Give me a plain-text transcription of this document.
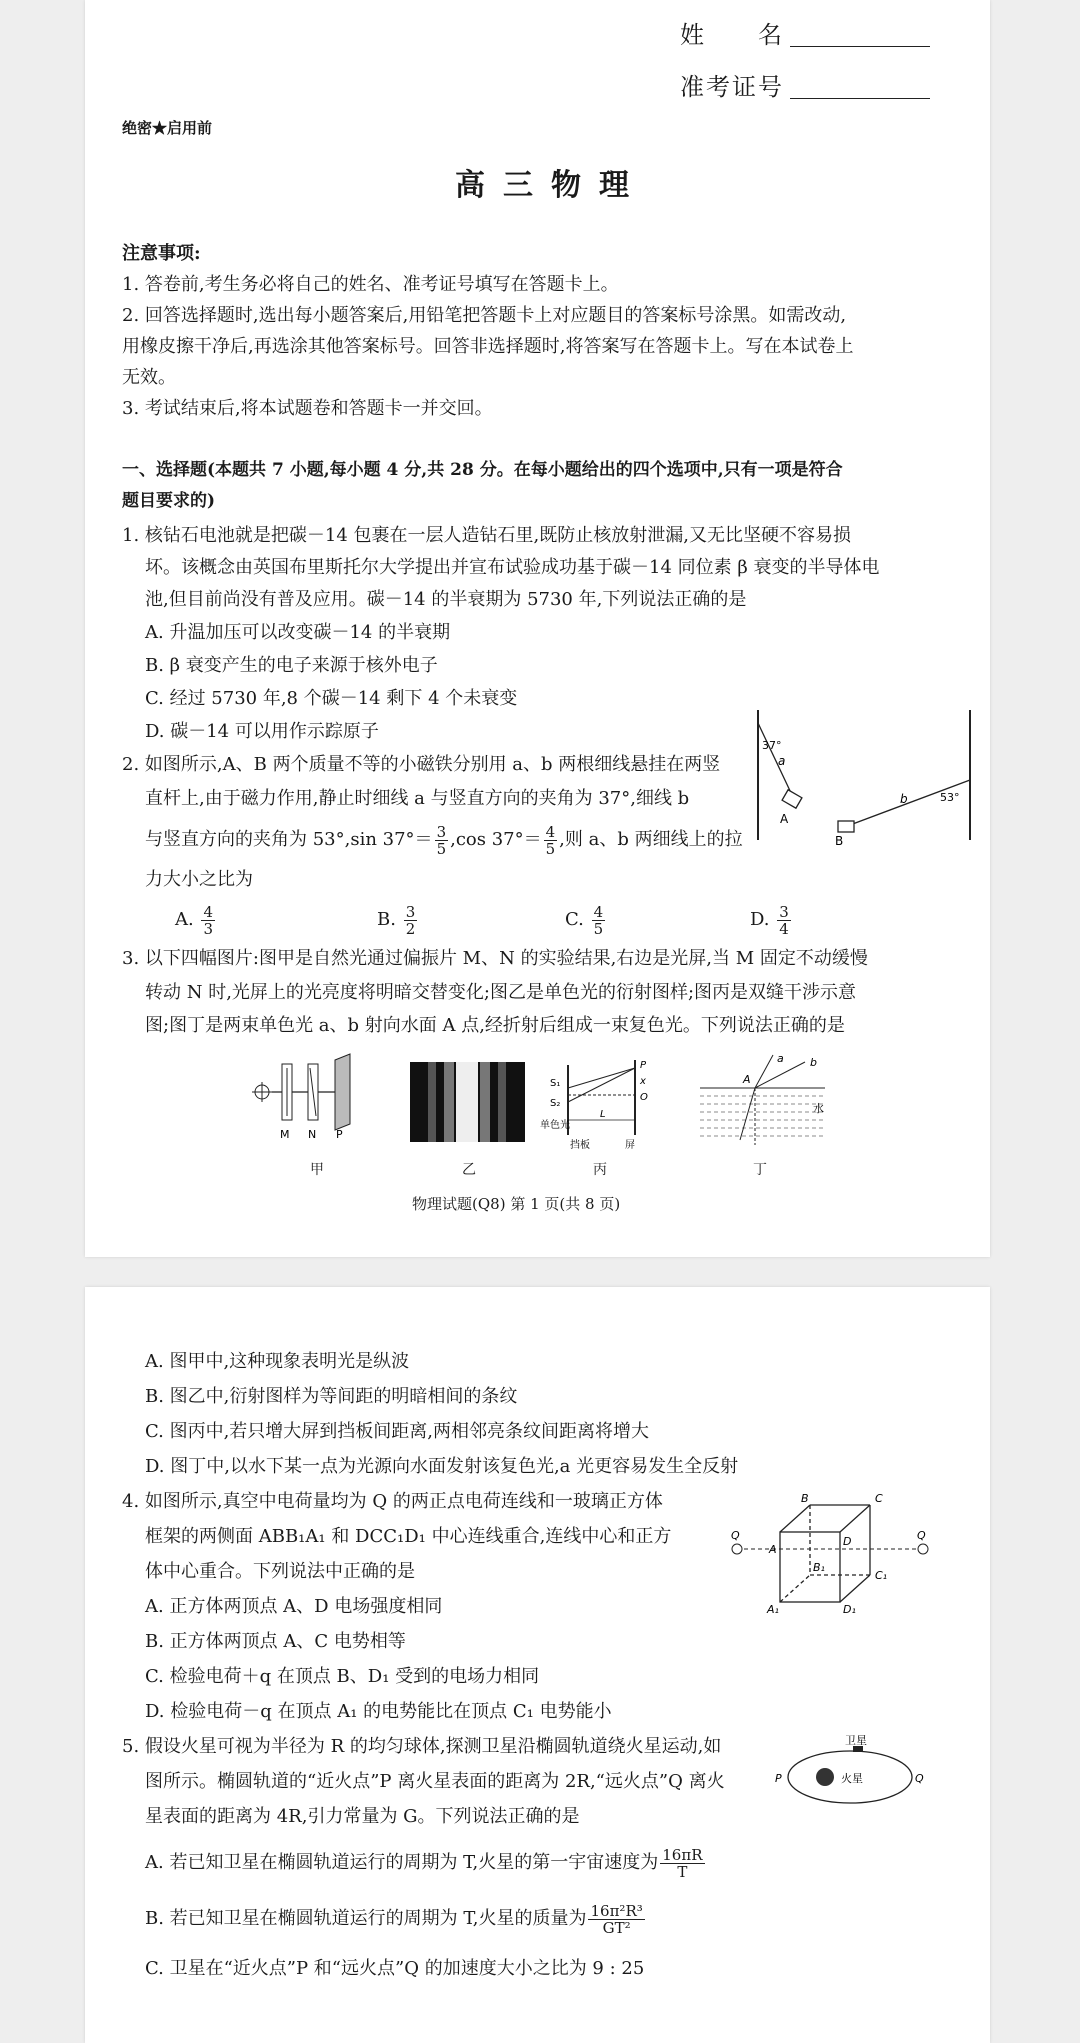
姓　　名
准考证号
绝密★启用前
高三物理
注意事项:
1. 答卷前,考生务必将自己的姓名、准考证号填写在答题卡上。
2. 回答选择题时,选出每小题答案后,用铅笔把答题卡上对应题目的答案标号涂黑。如需改动,
用橡皮擦干净后,再选涂其他答案标号。回答非选择题时,将答案写在答题卡上。写在本试卷上
无效。
3. 考试结束后,将本试题卷和答题卡一并交回。
一、选择题(本题共 7 小题,每小题 4 分,共 28 分。在每小题给出的四个选项中,只有一项是符合
题目要求的)
1. 核钻石电池就是把碳－14 包裹在一层人造钻石里,既防止核放射泄漏,又无比坚硬不容易损
坏。该概念由英国布里斯托尔大学提出并宣布试验成功基于碳－14 同位素 β 衰变的半导体电
池,但目前尚没有普及应用。碳－14 的半衰期为 5730 年,下列说法正确的是
A. 升温加压可以改变碳－14 的半衰期
B. β 衰变产生的电子来源于核外电子
C. 经过 5730 年,8 个碳－14 剩下 4 个未衰变
D. 碳－14 可以用作示踪原子
2. 如图所示,A、B 两个质量不等的小磁铁分别用 a、b 两根细线悬挂在两竖
直杆上,由于磁力作用,静止时细线 a 与竖直方向的夹角为 37°,细线 b
与竖直方向的夹角为 53°,sin $37^\circ= \frac{3}{5} ,\cos$ $37^\circ= \frac{4}{5}$ ,则 a、b 两细线上的拉
力大小之比为
A. $\frac{4}{3}$	B. $\frac{3}{2}$	C. $\frac{4}{5}$	D. $\frac{3}{4}$
37°
53°
a
b
A
B
3. 以下四幅图片:图甲是自然光通过偏振片 M、N 的实验结果,右边是光屏,当 M 固定不动缓慢
转动 N 时,光屏上的光亮度将明暗交替变化;图乙是单色光的衍射图样;图丙是双缝干涉示意
图;图丁是两束单色光 a、b 射向水面 A 点,经折射后组成一束复色光。下列说法正确的是
M N P
甲	乙
S₁
S₂
单色光
L
P
x
O
挡板	屏
丙
a b
A
水
丁
物理试题(Q8) 第 1 页(共 8 页)
A. 图甲中,这种现象表明光是纵波
B. 图乙中,衍射图样为等间距的明暗相间的条纹
C. 图丙中,若只增大屏到挡板间距离,两相邻亮条纹间距离将增大
D. 图丁中,以水下某一点为光源向水面发射该复色光,a 光更容易发生全反射
4. 如图所示,真空中电荷量均为 Q 的两正点电荷连线和一玻璃正方体
框架的两侧面 ABB₁A₁ 和 DCC₁D₁ 中心连线重合,连线中心和正方
体中心重合。下列说法中正确的是
A. 正方体两顶点 A、D 电场强度相同
B. 正方体两顶点 A、C 电势相等
C. 检验电荷＋q 在顶点 B、D₁ 受到的电场力相同
D. 检验电荷－q 在顶点 A₁ 的电势能比在顶点 C₁ 电势能小
Q	Q
A
B	C
D
A₁
B₁
C₁
D₁
5. 假设火星可视为半径为 R 的均匀球体,探测卫星沿椭圆轨道绕火星运动,如
图所示。椭圆轨道的“近火点”P 离火星表面的距离为 2R,“远火点”Q 离火
星表面的距离为 4R,引力常量为 G。下列说法正确的是
A. 若已知卫星在椭圆轨道运行的周期为 T,火星的第一宇宙速度为 $\frac{16\pi R}{T}$
B. 若已知卫星在椭圆轨道运行的周期为 T,火星的质量为 $\frac{\text{16π²R³}}{\text{GT²}}$
C. 卫星在“近火点”P 和“远火点”Q 的加速度大小之比为 9 : 25
卫星
火星
P	Q
